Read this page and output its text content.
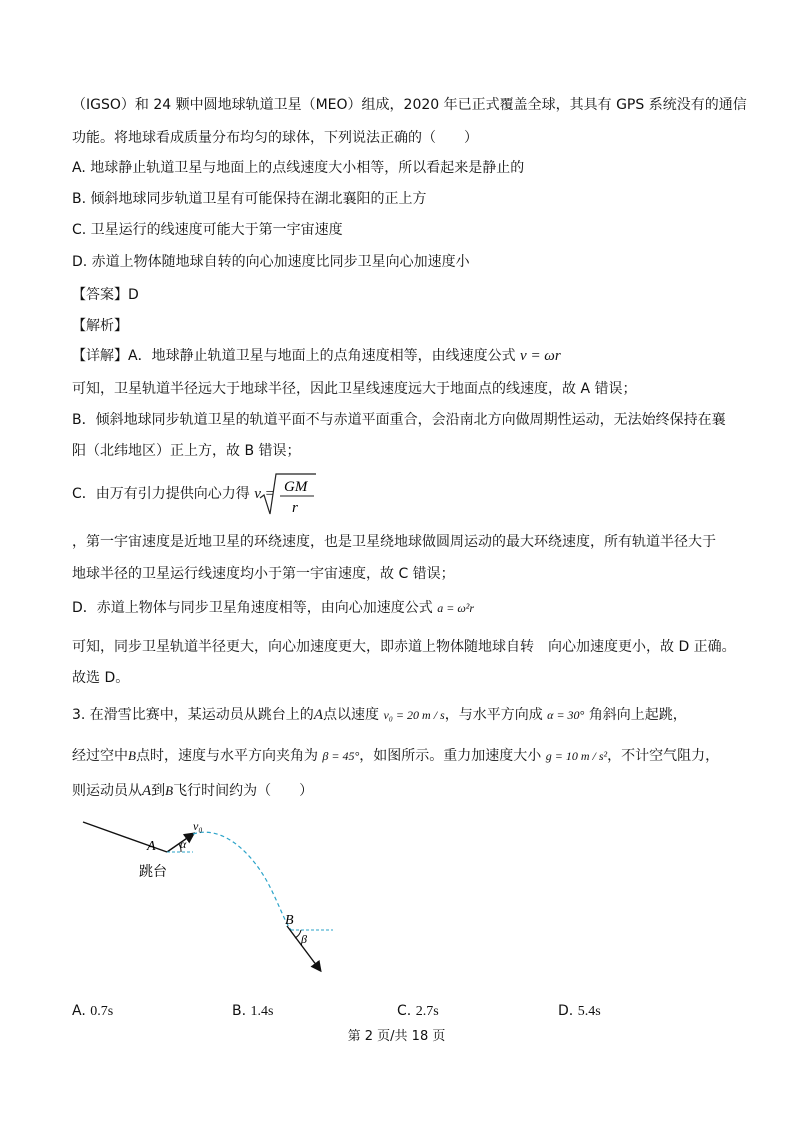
（IGSO）和 24 颗中圆地球轨道卫星（MEO）组成，2020 年已正式覆盖全球，其具有 GPS 系统没有的通信
功能。将地球看成质量分布均匀的球体，下列说法正确的（　　）
A. 地球静止轨道卫星与地面上的点线速度大小相等，所以看起来是静止的
B. 倾斜地球同步轨道卫星有可能保持在湖北襄阳的正上方
C. 卫星运行的线速度可能大于第一宇宙速度
D. 赤道上物体随地球自转的向心加速度比同步卫星向心加速度小
【答案】D
【解析】
【详解】A．地球静止轨道卫星与地面上的点角速度相等，由线速度公式 v = ωr
可知，卫星轨道半径远大于地球半径，因此卫星线速度远大于地面点的线速度，故 A 错误；
B．倾斜地球同步轨道卫星的轨道平面不与赤道平面重合，会沿南北方向做周期性运动，无法始终保持在襄
阳（北纬地区）正上方，故 B 错误；
C．由万有引力提供向心力得 v = GM
r
，第一宇宙速度是近地卫星的环绕速度，也是卫星绕地球做圆周运动的最大环绕速度，所有轨道半径大于
地球半径的卫星运行线速度均小于第一宇宙速度，故 C 错误；
D．赤道上物体与同步卫星角速度相等，由向心加速度公式 a = ω²r
可知，同步卫星轨道半径更大，向心加速度更大，即赤道上物体随地球自转　向心加速度更小，故 D 正确。
故选 D。
3. 在滑雪比赛中，某运动员从跳台上的A点以速度 v₀ = 20 m / s，与水平方向成 α = 30° 角斜向上起跳，
经过空中B点时，速度与水平方向夹角为 β = 45°，如图所示。重力加速度大小 g = 10 m / s²，不计空气阻力，
则运动员从A到B飞行时间约为（　　）
A α
v₀
跳台
B
β
A. 0.7s	B. 1.4s	C. 2.7s	D. 5.4s
第 2 页/共 18 页
